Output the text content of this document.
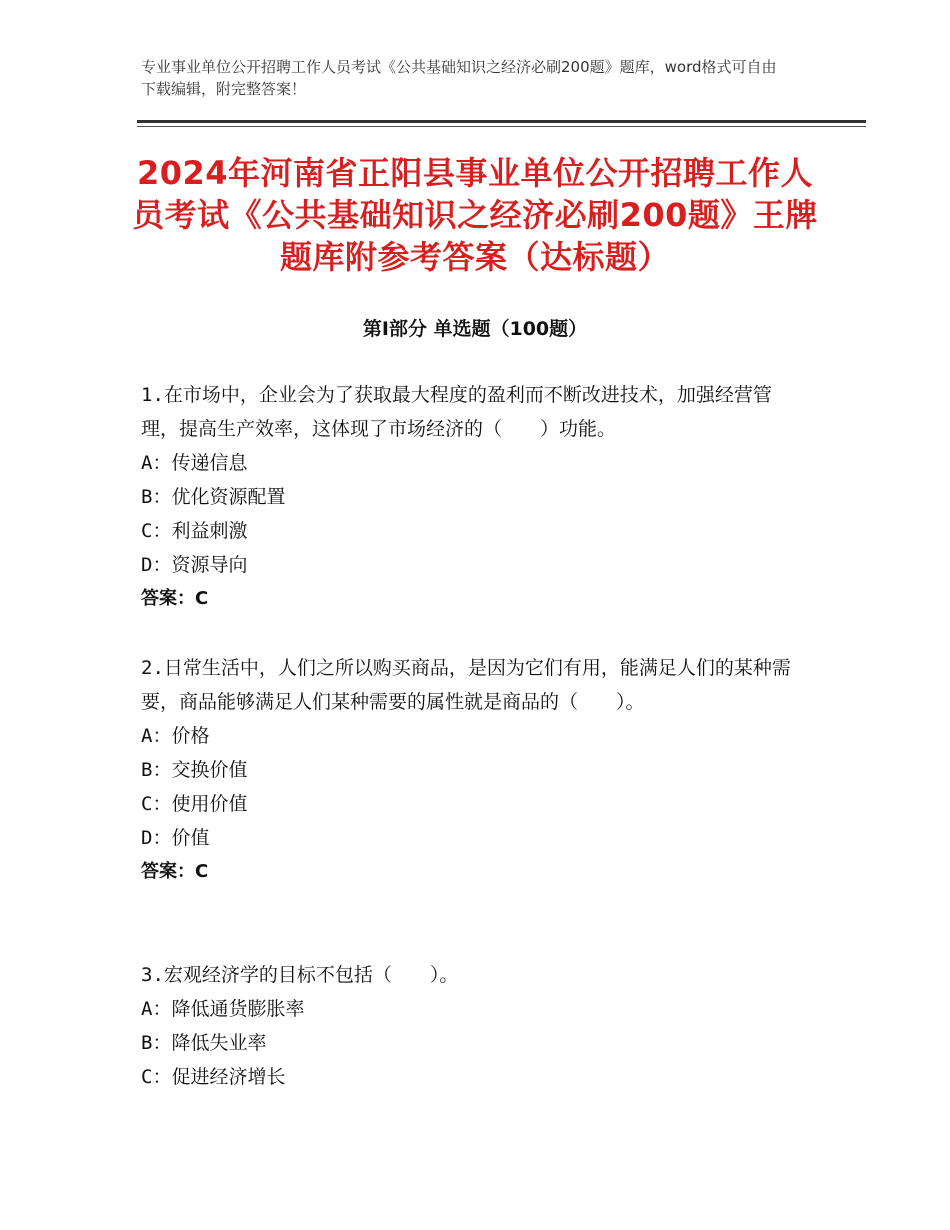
专业事业单位公开招聘工作人员考试《公共基础知识之经济必刷200题》题库，word格式可自由下载编辑，附完整答案！
2024年河南省正阳县事业单位公开招聘工作人员考试《公共基础知识之经济必刷200题》王牌题库附参考答案（达标题）
第Ⅰ部分 单选题（100题）
1.在市场中，企业会为了获取最大程度的盈利而不断改进技术，加强经营管理，提高生产效率，这体现了市场经济的（　　）功能。
A：传递信息
B：优化资源配置
C：利益刺激
D：资源导向
答案：C
2.日常生活中，人们之所以购买商品，是因为它们有用，能满足人们的某种需要，商品能够满足人们某种需要的属性就是商品的（　　）。
A：价格
B：交换价值
C：使用价值
D：价值
答案：C
3.宏观经济学的目标不包括（　　）。
A：降低通货膨胀率
B：降低失业率
C：促进经济增长
